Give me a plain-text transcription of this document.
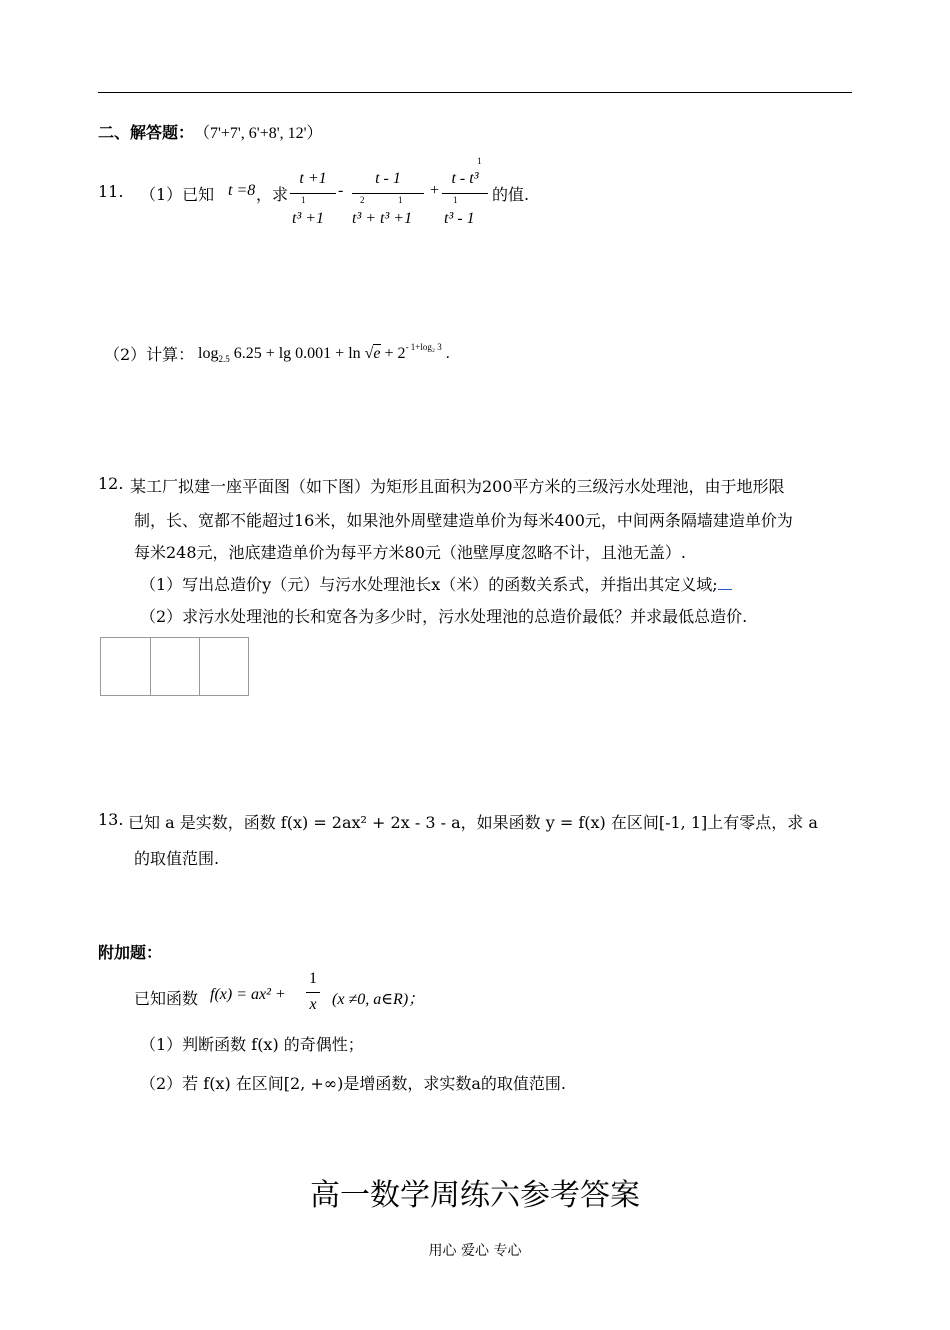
二、解答题： （7'+7', 6'+8', 12'）
11. （1）已知 t =8 ，求
t +1
1
t³ +1
-
t - 1
2	1
t³ + t³ +1
+
1
t - t³
1
t³ - 1
的值.
（2）计算： $\log_{2.5} 6.25 + \lg 0.001 + \ln √e + 2^{- 1+log_2 3}$ .
12. 某工厂拟建一座平面图（如下图）为矩形且面积为200平方米的三级污水处理池，由于地形限
制，长、宽都不能超过16米，如果池外周壁建造单价为每米400元，中间两条隔墙建造单价为
每米248元，池底建造单价为每平方米80元（池壁厚度忽略不计，且池无盖）.
（1）写出总造价y（元）与污水处理池长x（米）的函数关系式，并指出其定义域;
（2）求污水处理池的长和宽各为多少时，污水处理池的总造价最低？并求最低总造价.
13. 已知 a 是实数，函数 f(x) = 2ax² + 2x - 3 - a，如果函数 y = f(x) 在区间[-1, 1]上有零点，求 a
的取值范围.
附加题：
已知函数 f(x) = ax² +
1
x (x ≠0, a∈R)；
（1）判断函数 f(x) 的奇偶性；
（2）若 f(x) 在区间[2, +∞)是增函数，求实数a的取值范围.
高一数学周练六参考答案
用心 爱心 专心
